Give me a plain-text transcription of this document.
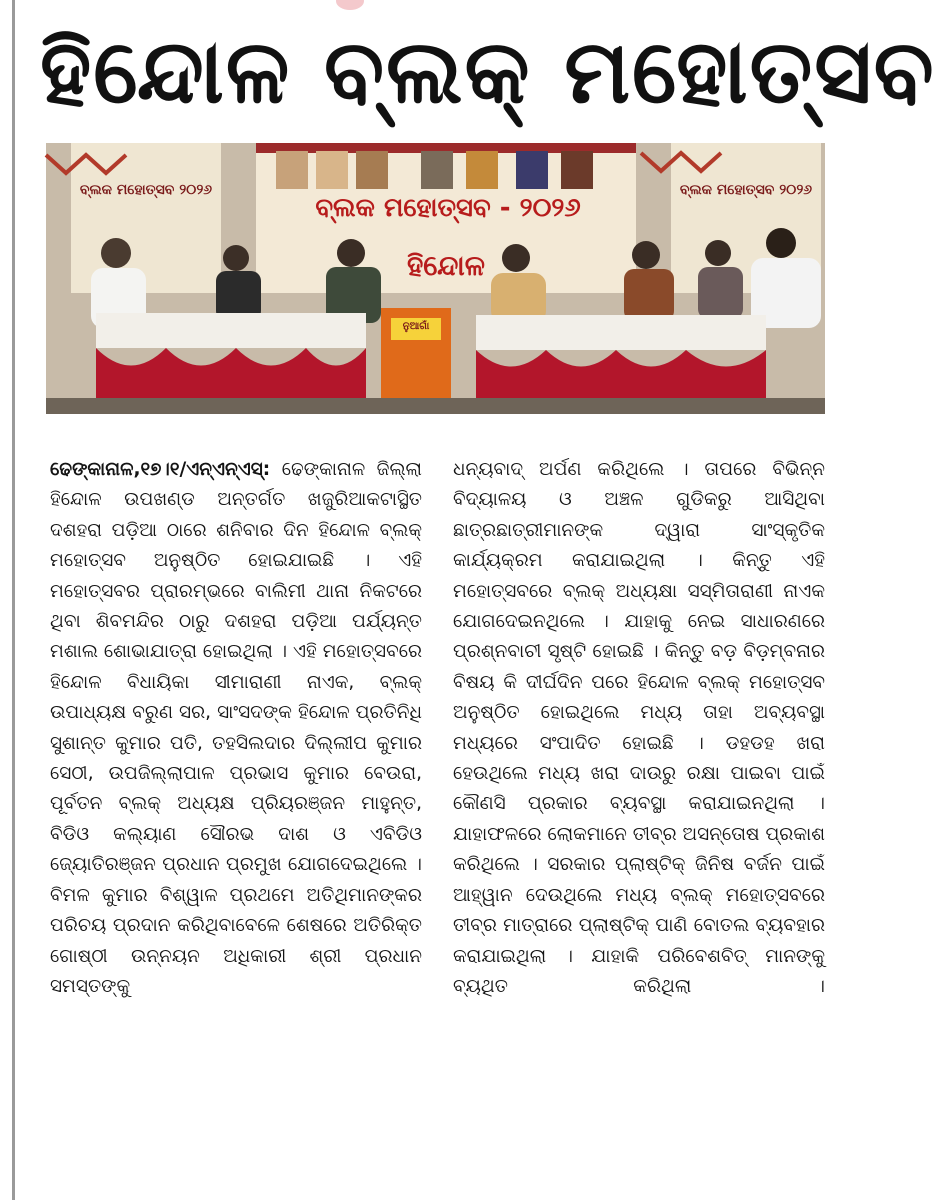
ହିନ୍ଦୋଳ ବ୍ଲକ୍ ମହୋତ୍ସବ
ବ୍ଲକ ମହୋତ୍ସବ - ୨୦୨୬
ବ୍ଲକ ମହୋତ୍ସବ ୨୦୨୬	ବ୍ଲକ ମହୋତ୍ସବ ୨୦୨୬
ହିନ୍ଦୋଳ
ନୁଆଗାଁ
ଢେଙ୍କାନାଳ,୧୭।୧/ଏନ୍ଏନ୍ଏସ୍: ଢେଙ୍କାନାଳ ଜିଲ୍ଲା ହିନ୍ଦୋଳ ଉପଖଣ୍ଡ ଅନ୍ତର୍ଗତ ଖଜୁରିଆକଟାସ୍ଥିତ ଦଶହରା ପଡ଼ିଆ ଠାରେ ଶନିବାର ଦିନ ହିନ୍ଦୋଳ ବ୍ଲକ୍ ମହୋତ୍ସବ ଅନୁଷ୍ଠିତ ହୋଇଯାଇଛି । ଏହି ମହୋତ୍ସବର ପ୍ରାରମ୍ଭରେ ବାଲିମୀ ଥାନା ନିକଟରେ ଥିବା ଶିବମନ୍ଦିର ଠାରୁ ଦଶହରା ପଡ଼ିଆ ପର୍ଯ୍ୟନ୍ତ ମଶାଲ ଶୋଭାଯାତ୍ରା ହୋଇଥିଲା । ଏହି ମହୋତ୍ସବରେ ହିନ୍ଦୋଳ ବିଧାୟିକା ସୀମାରାଣୀ ନାଏକ, ବ୍ଲକ୍ ଉପାଧ୍ୟକ୍ଷ ବରୁଣ ସର, ସାଂସଦଙ୍କ ହିନ୍ଦୋଳ ପ୍ରତିନିଧି ସୁଶାନ୍ତ କୁମାର ପତି, ତହସିଲଦାର ଦିଲ୍ଲୀପ କୁମାର ସେଠୀ, ଉପଜିଲ୍ଲାପାଳ ପ୍ରଭାସ କୁମାର ବେଉରା, ପୂର୍ବତନ ବ୍ଲକ୍ ଅଧ୍ୟକ୍ଷ ପ୍ରିୟରଞ୍ଜନ ମାହୁନ୍ତ, ବିଡିଓ କଲ୍ୟାଣ ସୌରଭ ଦାଶ ଓ ଏବିଡିଓ ଜ୍ୟୋତିରଞ୍ଜନ ପ୍ରଧାନ ପ୍ରମୁଖ ଯୋଗଦେଇଥିଲେ । ବିମଳ କୁମାର ବିଶ୍ୱାଳ ପ୍ରଥମେ ଅତିଥିମାନଙ୍କର ପରିଚୟ ପ୍ରଦାନ କରିଥିବାବେଳେ ଶେଷରେ ଅତିରିକ୍ତ ଗୋଷ୍ଠୀ ଉନ୍ନୟନ ଅଧିକାରୀ ଶ୍ରୀ ପ୍ରଧାନ ସମସ୍ତଙ୍କୁ
ଧନ୍ୟବାଦ୍ ଅର୍ପଣ କରିଥିଲେ । ତାପରେ ବିଭିନ୍ନ ବିଦ୍ୟାଳୟ ଓ ଅଞ୍ଚଳ ଗୁଡିକରୁ ଆସିଥିବା ଛାତ୍ରଛାତ୍ରୀମାନଙ୍କ ଦ୍ୱାରା ସାଂସ୍କୃତିକ କାର୍ଯ୍ୟକ୍ରମ କରାଯାଇଥିଲା । କିନ୍ତୁ ଏହି ମହୋତ୍ସବରେ ବ୍ଲକ୍ ଅଧ୍ୟକ୍ଷା ସସ୍ମିତାରାଣୀ ନାଏକ ଯୋଗଦେଇନଥିଲେ । ଯାହାକୁ ନେଇ ସାଧାରଣରେ ପ୍ରଶ୍ନବାଚୀ ସୃଷ୍ଟି ହୋଇଛି । କିନ୍ତୁ ବଡ଼ ବିଡ଼ମ୍ବନାର ବିଷୟ କି ଦୀର୍ଘଦିନ ପରେ ହିନ୍ଦୋଳ ବ୍ଲକ୍ ମହୋତ୍ସବ ଅନୁଷ୍ଠିତ ହୋଇଥିଲେ ମଧ୍ୟ ତାହା ଅବ୍ୟବସ୍ଥା ମଧ୍ୟରେ ସଂପାଦିତ ହୋଇଛି । ଡହଡହ ଖରା ହେଉଥିଲେ ମଧ୍ୟ ଖରା ଦାଉରୁ ରକ୍ଷା ପାଇବା ପାଇଁ କୌଣସି ପ୍ରକାର ବ୍ୟବସ୍ଥା କରାଯାଇନଥିଲା । ଯାହାଫଳରେ ଲୋକମାନେ ତୀବ୍ର ଅସନ୍ତୋଷ ପ୍ରକାଶ କରିଥିଲେ । ସରକାର ପ୍ଲାଷ୍ଟିକ୍ ଜିନିଷ ବର୍ଜନ ପାଇଁ ଆହ୍ୱାନ ଦେଉଥିଲେ ମଧ୍ୟ ବ୍ଲକ୍ ମହୋତ୍ସବରେ ତୀବ୍ର ମାତ୍ରାରେ ପ୍ଲାଷ୍ଟିକ୍ ପାଣି ବୋତଲ ବ୍ୟବହାର କରାଯାଇଥିଲା । ଯାହାକି ପରିବେଶବିତ୍ ମାନଙ୍କୁ ବ୍ୟଥିତ କରିଥିଲା ।
